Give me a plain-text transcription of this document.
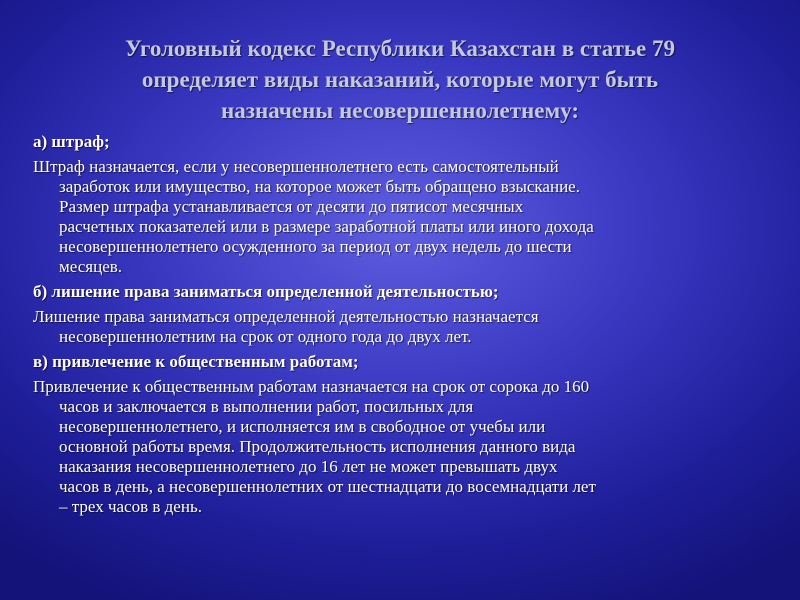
Уголовный кодекс Республики Казахстан в статье 79
определяет виды наказаний, которые могут быть
назначены несовершеннолетнему:
а) штраф;
Штраф назначается, если у несовершеннолетнего есть самостоятельный
заработок или имущество, на которое может быть обращено взыскание.
Размер штрафа устанавливается от десяти до пятисот месячных
расчетных показателей или в размере заработной платы или иного дохода
несовершеннолетнего осужденного за период от двух недель до шести
месяцев.
б) лишение права заниматься определенной деятельностью;
Лишение права заниматься определенной деятельностью назначается
несовершеннолетним на срок от одного года до двух лет.
в) привлечение к общественным работам;
Привлечение к общественным работам назначается на срок от сорока до 160
часов и заключается в выполнении работ, посильных для
несовершеннолетнего, и исполняется им в свободное от учебы или
основной работы время. Продолжительность исполнения данного вида
наказания несовершеннолетнего до 16 лет не может превышать двух
часов в день, а несовершеннолетних от шестнадцати до восемнадцати лет
– трех часов в день.
